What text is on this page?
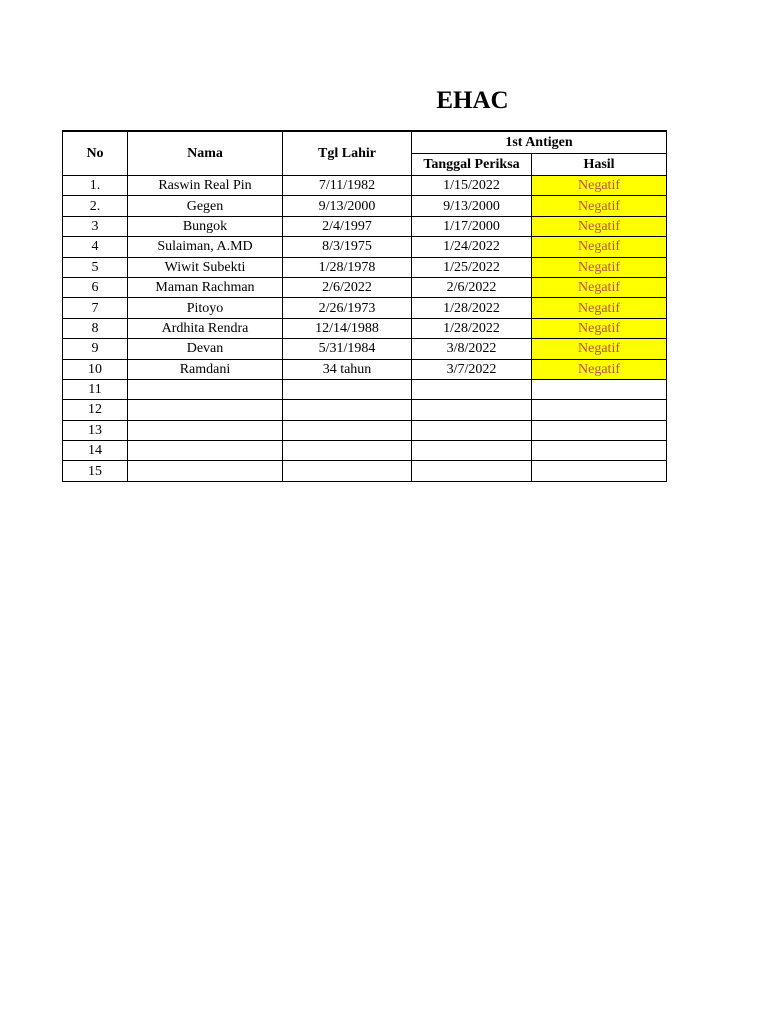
EHAC
No	Nama	Tgl Lahir	1st Antigen	
			Tanggal Periksa	Hasil
1.	Raswin Real Pin	7/11/1982	1/15/2022	Negatif
2.	Gegen	9/13/2000	9/13/2000	Negatif
3	Bungok	2/4/1997	1/17/2000	Negatif
4	Sulaiman, A.MD	8/3/1975	1/24/2022	Negatif
5	Wiwit Subekti	1/28/1978	1/25/2022	Negatif
6	Maman Rachman	2/6/2022	2/6/2022	Negatif
7	Pitoyo	2/26/1973	1/28/2022	Negatif
8	Ardhita Rendra	12/14/1988	1/28/2022	Negatif
9	Devan	5/31/1984	3/8/2022	Negatif
10	Ramdani	34 tahun	3/7/2022	Negatif
11				
12				
13				
14				
15				
